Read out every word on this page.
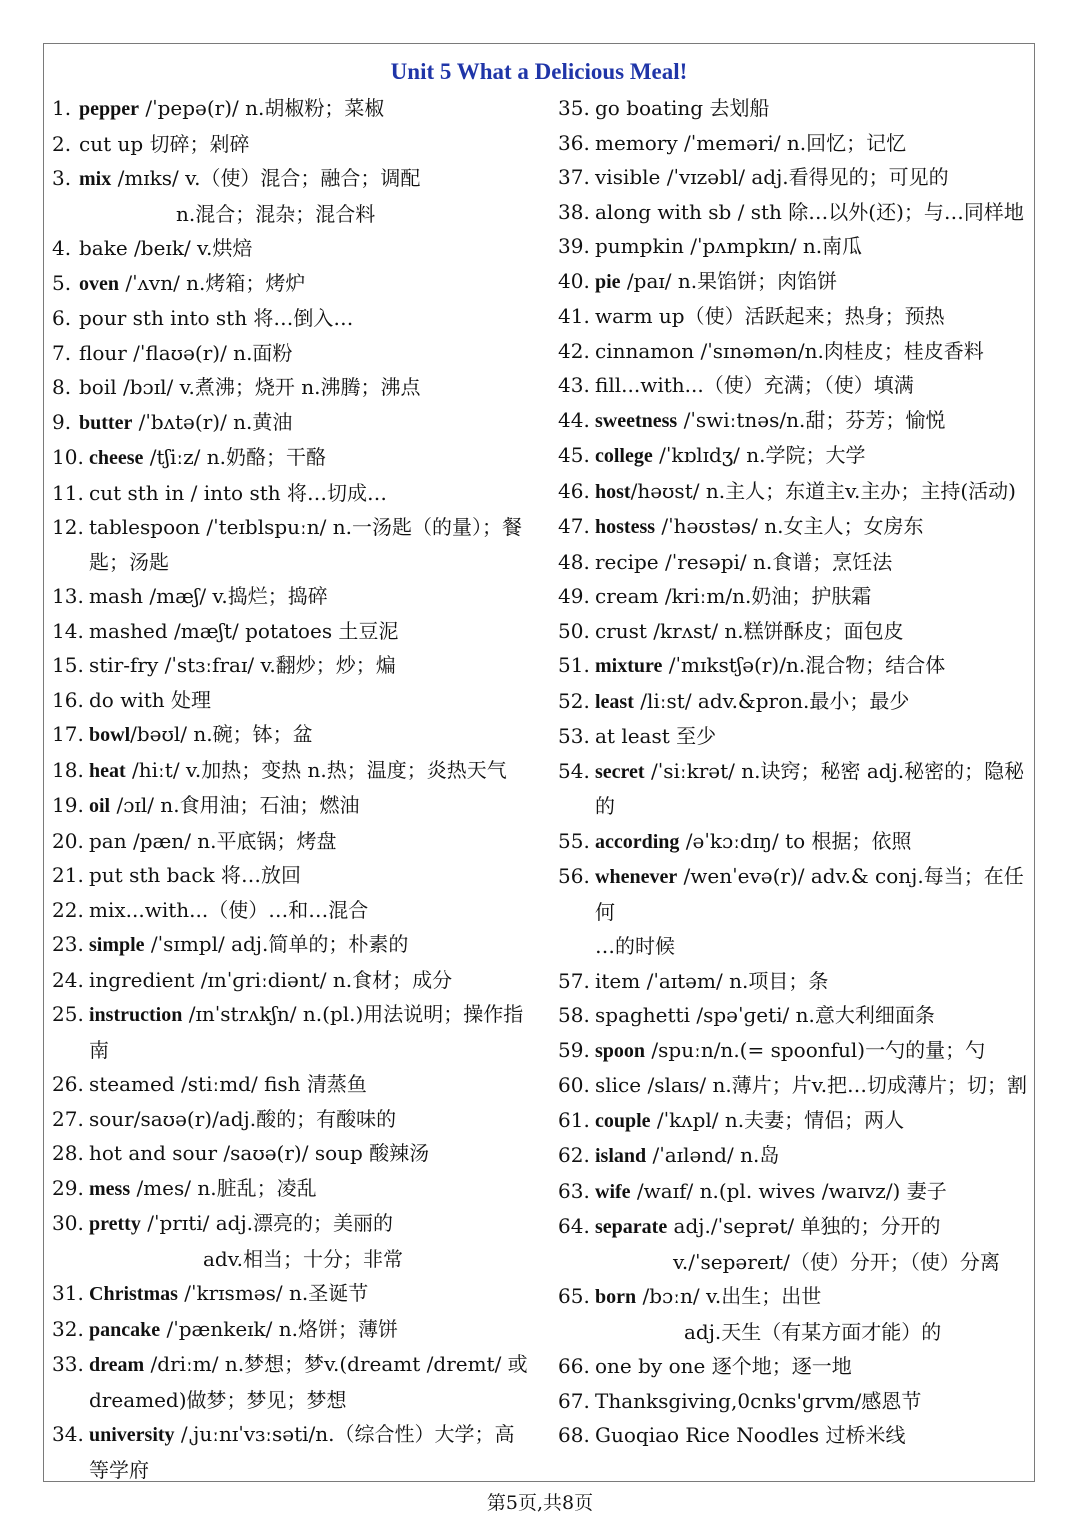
Unit 5 What a Delicious Meal!
1. pepper /ˈpepə(r)/ n.胡椒粉；菜椒
2. cut up 切碎；剁碎
3. mix /mɪks/ v.（使）混合；融合；调配
n.混合；混杂；混合料
4. bake /beɪk/ v.烘焙
5. oven /ˈʌvn/ n.烤箱；烤炉
6. pour sth into sth 将…倒入…
7. flour /ˈflaʊə(r)/ n.面粉
8. boil /bɔɪl/ v.煮沸；烧开 n.沸腾；沸点
9. butter /ˈbʌtə(r)/ n.黄油
10. cheese /tʃiːz/ n.奶酪；干酪
11. cut sth in / into sth 将…切成…
12. tablespoon /ˈteɪblspuːn/ n.一汤匙（的量）；餐
匙；汤匙
13. mash /mæʃ/ v.捣烂；捣碎
14. mashed /mæʃt/ potatoes 土豆泥
15. stir-fry /ˈstɜːfraɪ/ v.翻炒；炒；煸
16. do with 处理
17. bowl/bəʊl/ n.碗；钵；盆
18. heat /hiːt/ v.加热；变热 n.热；温度；炎热天气
19. oil /ɔɪl/ n.食用油；石油；燃油
20. pan /pæn/ n.平底锅；烤盘
21. put sth back 将…放回
22. mix...with...（使）…和…混合
23. simple /ˈsɪmpl/ adj.简单的；朴素的
24. ingredient /ɪnˈɡriːdiənt/ n.食材；成分
25. instruction /ɪnˈstrʌkʃn/ n.(pl.)用法说明；操作指
南
26. steamed /stiːmd/ fish 清蒸鱼
27. sour/saʊə(r)/adj.酸的；有酸味的
28. hot and sour /saʊə(r)/ soup 酸辣汤
29. mess /mes/ n.脏乱；凌乱
30. pretty /ˈprɪti/ adj.漂亮的；美丽的
adv.相当；十分；非常
31. Christmas /ˈkrɪsməs/ n.圣诞节
32. pancake /ˈpænkeɪk/ n.烙饼；薄饼
33. dream /driːm/ n.梦想；梦v.(dreamt /dremt/ 或
dreamed)做梦；梦见；梦想
34. university /ˌjuːnɪˈvɜːsəti/n.（综合性）大学；高
等学府
35. go boating 去划船
36. memory /ˈmeməri/ n.回忆；记忆
37. visible /ˈvɪzəbl/ adj.看得见的；可见的
38. along with sb / sth 除…以外(还)；与…同样地
39. pumpkin /ˈpʌmpkɪn/ n.南瓜
40. pie /paɪ/ n.果馅饼；肉馅饼
41. warm up（使）活跃起来；热身；预热
42. cinnamon /ˈsɪnəmən/n.肉桂皮；桂皮香料
43. fill...with...（使）充满；（使）填满
44. sweetness /ˈswiːtnəs/n.甜；芬芳；愉悦
45. college /ˈkɒlɪdʒ/ n.学院；大学
46. host/həʊst/ n.主人；东道主v.主办；主持(活动)
47. hostess /ˈhəʊstəs/ n.女主人；女房东
48. recipe /ˈresəpi/ n.食谱；烹饪法
49. cream /kriːm/n.奶油；护肤霜
50. crust /krʌst/ n.糕饼酥皮；面包皮
51. mixture /ˈmɪkstʃə(r)/n.混合物；结合体
52. least /liːst/ adv.&pron.最小；最少
53. at least 至少
54. secret /ˈsiːkrət/ n.诀窍；秘密 adj.秘密的；隐秘
的
55. according /əˈkɔːdɪŋ/ to 根据；依照
56. whenever /wenˈevə(r)/ adv.& conj.每当；在任何
…的时候
57. item /ˈaɪtəm/ n.项目；条
58. spaghetti /spəˈɡeti/ n.意大利细面条
59. spoon /spuːn/n.(= spoonful)一勺的量；勺
60. slice /slaɪs/ n.薄片；片v.把…切成薄片；切；割
61. couple /ˈkʌpl/ n.夫妻；情侣；两人
62. island /ˈaɪlənd/ n.岛
63. wife /waɪf/ n.(pl. wives /waɪvz/) 妻子
64. separate adj./ˈseprət/ 单独的；分开的
v./ˈsepəreɪt/（使）分开；（使）分离
65. born /bɔːn/ v.出生；出世
adj.天生（有某方面才能）的
66. one by one 逐个地；逐一地
67. Thanksgiving,0cnks'grvm/感恩节
68. Guoqiao Rice Noodles 过桥米线
第5页,共8页
